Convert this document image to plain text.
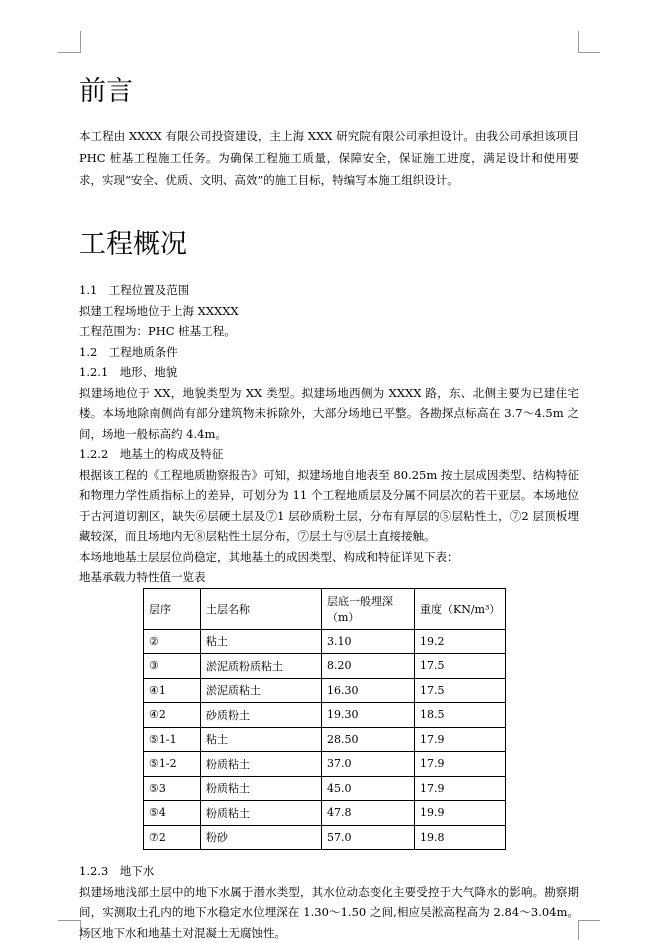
前言

本工程由 XXXX 有限公司投资建设，主上海 XXX 研究院有限公司承担设计。由我公司承担该项目 PHC 桩基工程施工任务。为确保工程施工质量，保障安全，保证施工进度，满足设计和使用要求，实现“安全、优质、文明、高效”的施工目标，特编写本施工组织设计。

工程概况
1.1　工程位置及范围
拟建工程场地位于上海 XXXXX
工程范围为：PHC 桩基工程。
1.2　工程地质条件
1.2.1　地形、地貌
拟建场地位于 XX，地貌类型为 XX 类型。拟建场地西侧为 XXXX 路，东、北侧主要为已建住宅楼。本场地除南侧尚有部分建筑物未拆除外，大部分场地已平整。各勘探点标高在 3.7～4.5m 之间，场地一般标高约 4.4m。
1.2.2　地基土的构成及特征
根据该工程的《工程地质勘察报告》可知，拟建场地自地表至 80.25m 按土层成因类型、结构特征和物理力学性质指标上的差异，可划分为 11 个工程地质层及分属不同层次的若干亚层。本场地位于古河道切割区，缺失⑥层硬土层及⑦1 层砂质粉土层，分布有厚层的⑤层粘性土，⑦2 层顶板埋藏较深，而且场地内无⑧层粘性土层分布，⑦层土与⑨层土直接接触。
本场地地基土层层位尚稳定，其地基土的成因类型、构成和特征详见下表：
地基承载力特性值一览表
层序	土层名称	层底一般埋深（m）	重度（KN/m³）
②	粘土	3.10	19.2
③	淤泥质粉质粘土	8.20	17.5
④1	淤泥质粘土	16.30	17.5
④2	砂质粉土	19.30	18.5
⑤1-1	粘土	28.50	17.9
⑤1-2	粉质粘土	37.0	17.9
⑤3	粉质粘土	45.0	17.9
⑤4	粉质粘土	47.8	19.9
⑦2	粉砂	57.0	19.8
1.2.3　地下水
拟建场地浅部土层中的地下水属于潜水类型，其水位动态变化主要受控于大气降水的影响。勘察期间，实测取土孔内的地下水稳定水位埋深在 1.30～1.50 之间,相应吴淞高程高为 2.84～3.04m。场区地下水和地基土对混凝土无腐蚀性。
